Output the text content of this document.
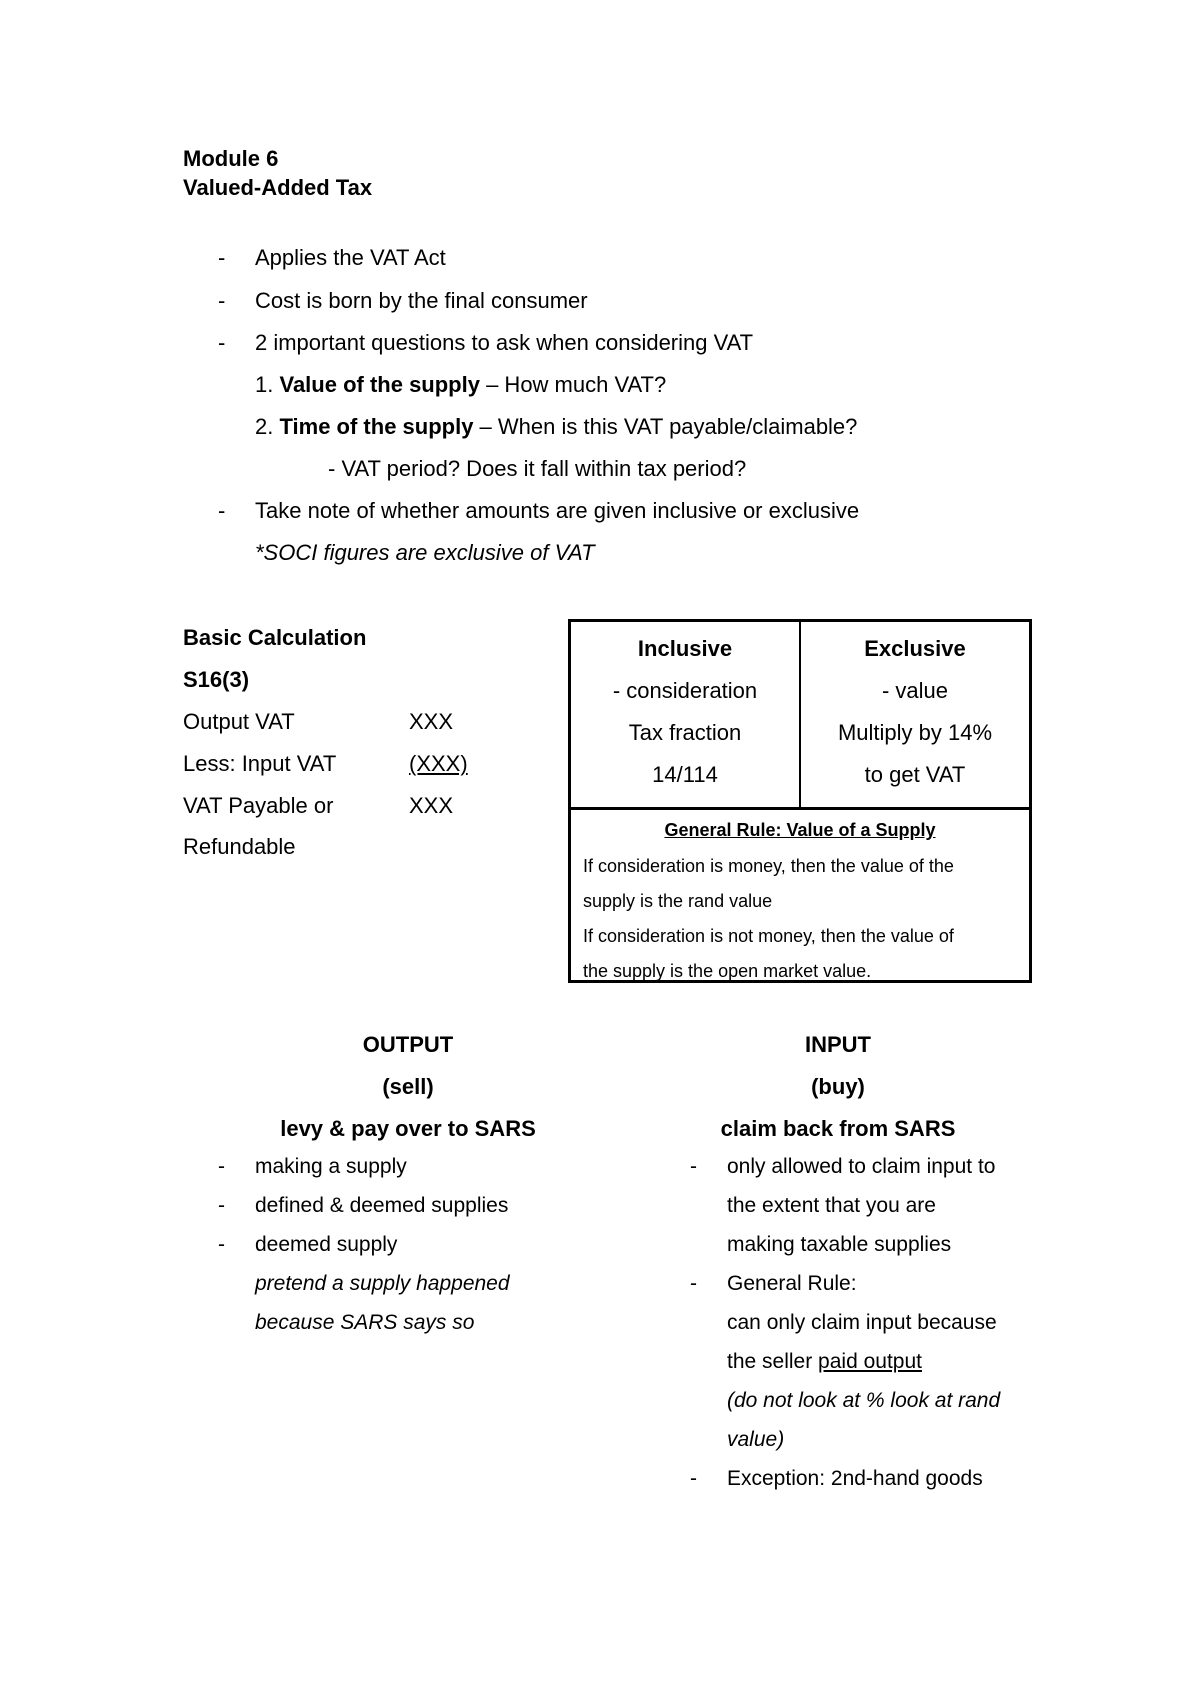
Module 6
Valued-Added Tax
- Applies the VAT Act
- Cost is born by the final consumer
- 2 important questions to ask when considering VAT
1. Value of the supply – How much VAT?
2. Time of the supply – When is this VAT payable/claimable?
- VAT period? Does it fall within tax period?
- Take note of whether amounts are given inclusive or exclusive
*SOCI figures are exclusive of VAT
Basic Calculation
S16(3)
Output VAT	XXX
Less: Input VAT	(XXX)
VAT Payable or	XXX
Refundable
Inclusive
- consideration
Tax fraction
14/114
Exclusive
- value
Multiply by 14%
to get VAT
General Rule: Value of a Supply
If consideration is money, then the value of the
supply is the rand value
If consideration is not money, then the value of
the supply is the open market value.
OUTPUT
(sell)
levy & pay over to SARS
- making a supply
- defined & deemed supplies
- deemed supply
pretend a supply happened
because SARS says so
INPUT
(buy)
claim back from SARS
- only allowed to claim input to
the extent that you are
making taxable supplies
- General Rule:
can only claim input because
the seller paid output
(do not look at % look at rand
value)
- Exception: 2nd-hand goods
